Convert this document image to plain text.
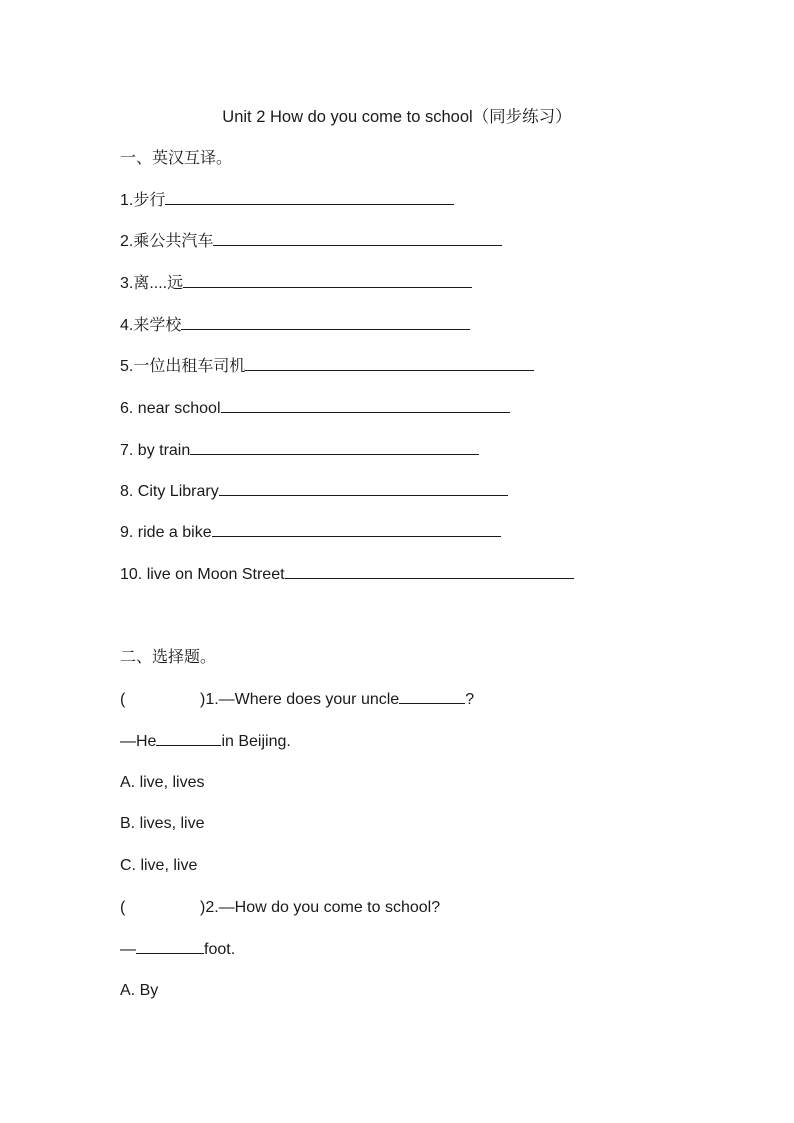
Unit 2 How do you come to school（同步练习）
一、英汉互译。
1.步行
2.乘公共汽车
3.离....远
4.来学校
5.一位出租车司机
6. near school
7. by train
8. City Library
9. ride a bike
10. live on Moon Street
二、选择题。
(	)1.—Where does your uncle	?
—He	in Beijing.
A. live, lives
B. lives, live
C. live, live
(	)2.—How do you come to school?
—	foot.
A. By
